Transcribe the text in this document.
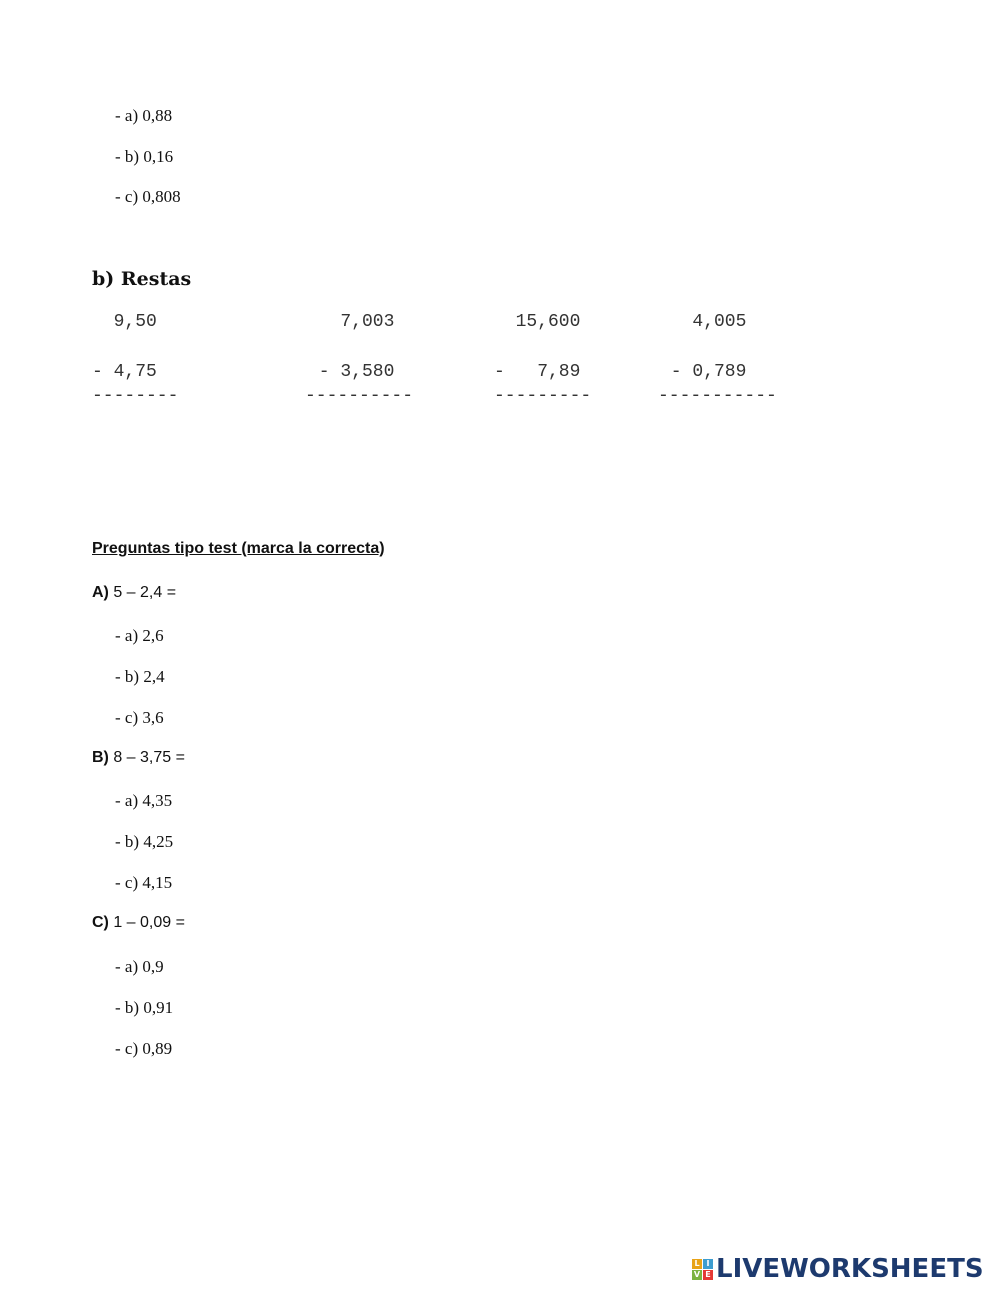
- a) 0,88
- b) 0,16
- c) 0,808
b) Restas
9,50
- 4,75
--------
7,003
- 3,580
----------
15,600
-   7,89
---------
4,005
- 0,789
-----------
Preguntas tipo test (marca la correcta)
A) 5 – 2,4 =
- a) 2,6
- b) 2,4
- c) 3,6
B) 8 – 3,75 =
- a) 4,35
- b) 4,25
- c) 4,15
C) 1 – 0,09 =
- a) 0,9
- b) 0,91
- c) 0,89
L I
V E LIVEWORKSHEETS
